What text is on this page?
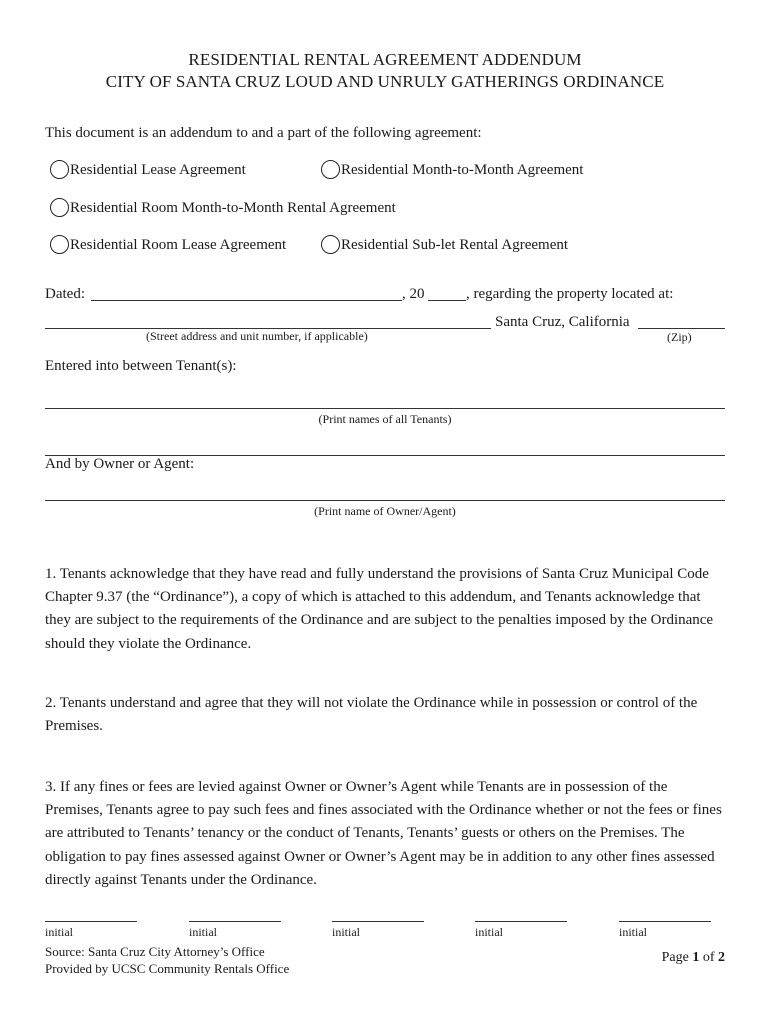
RESIDENTIAL RENTAL AGREEMENT ADDENDUM
CITY OF SANTA CRUZ LOUD AND UNRULY GATHERINGS ORDINANCE
This document is an addendum to and a part of the following agreement:
Residential Lease Agreement	Residential Month-to-Month Agreement
Residential Room Month-to-Month Rental Agreement
Residential Room Lease Agreement	Residential Sub-let Rental Agreement
Dated:	, 20	, regarding the property located at:
Santa Cruz, California
(Street address and unit number, if applicable)	(Zip)
Entered into between Tenant(s):
(Print names of all Tenants)
And by Owner or Agent:
(Print name of Owner/Agent)
1. Tenants acknowledge that they have read and fully understand the provisions of Santa Cruz Municipal Code Chapter 9.37 (the “Ordinance”), a copy of which is attached to this addendum, and Tenants acknowledge that they are subject to the requirements of the Ordinance and are subject to the penalties imposed by the Ordinance should they violate the Ordinance.
2. Tenants understand and agree that they will not violate the Ordinance while in possession or control of the Premises.
3. If any fines or fees are levied against Owner or Owner’s Agent while Tenants are in possession of the Premises, Tenants agree to pay such fees and fines associated with the Ordinance whether or not the fees or fines are attributed to Tenants’ tenancy or the conduct of Tenants, Tenants’ guests or others on the Premises. The obligation to pay fines assessed against Owner or Owner’s Agent may be in addition to any other fines assessed directly against Tenants under the Ordinance.
initial	initial	initial	initial	initial
Source: Santa Cruz City Attorney’s Office
Provided by UCSC Community Rentals Office
Page 1 of 2
